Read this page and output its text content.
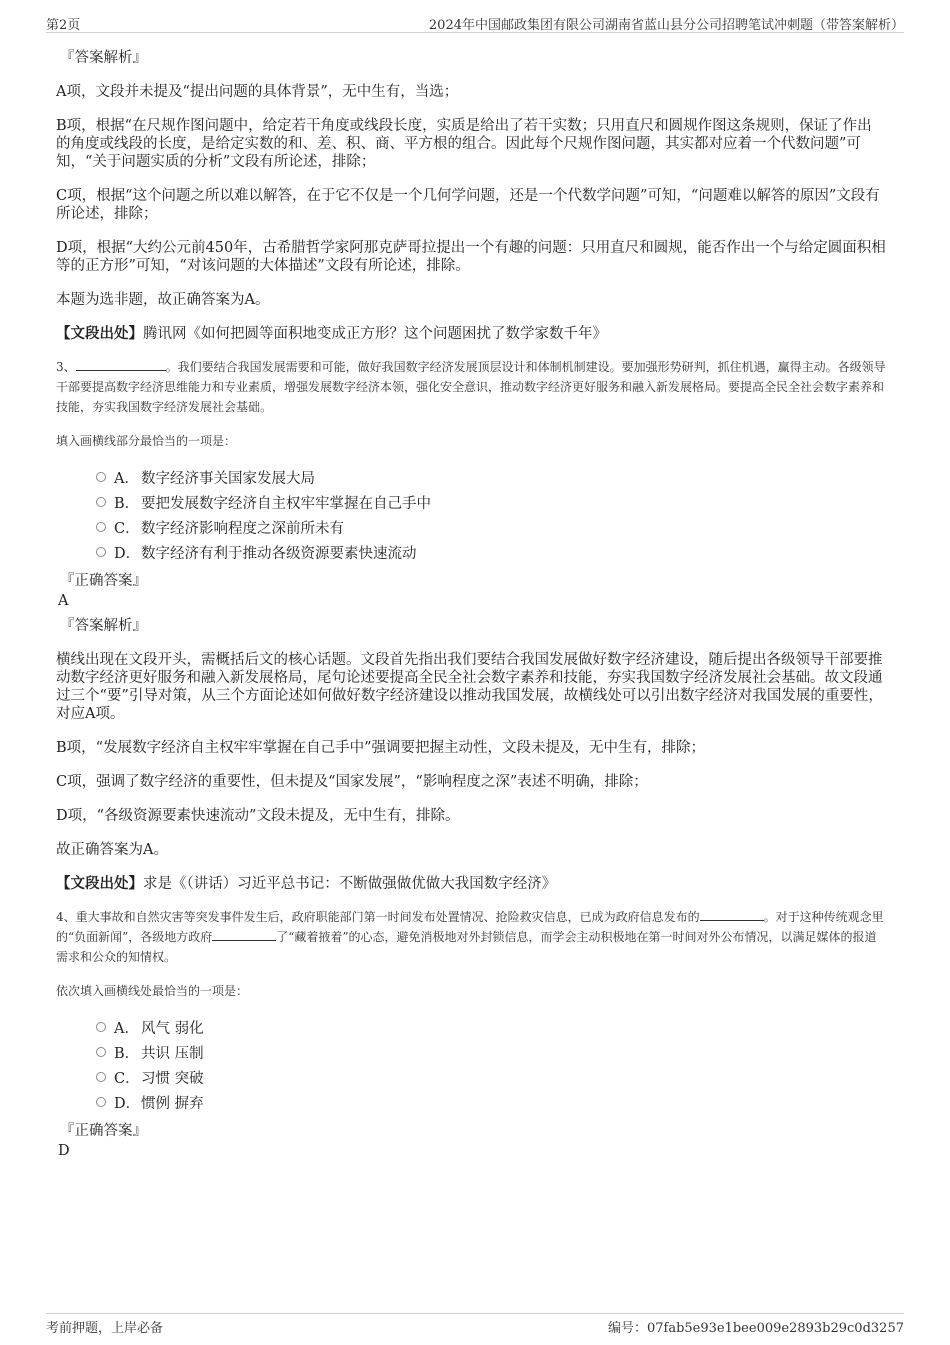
第2页	2024年中国邮政集团有限公司湖南省蓝山县分公司招聘笔试冲刺题（带答案解析）

『答案解析』

A项，文段并未提及“提出问题的具体背景”，无中生有，当选；

B项，根据“在尺规作图问题中，给定若干角度或线段长度，实质是给出了若干实数；只用直尺和圆规作图这条规则，保证了作出的角度或线段的长度，是给定实数的和、差、积、商、平方根的组合。因此每个尺规作图问题，其实都对应着一个代数问题”可知，“关于问题实质的分析”文段有所论述，排除；

C项，根据“这个问题之所以难以解答，在于它不仅是一个几何学问题，还是一个代数学问题”可知，“问题难以解答的原因”文段有所论述，排除；

D项，根据“大约公元前450年，古希腊哲学家阿那克萨哥拉提出一个有趣的问题：只用直尺和圆规，能否作出一个与给定圆面积相等的正方形”可知，“对该问题的大体描述”文段有所论述，排除。

本题为选非题，故正确答案为A。

【文段出处】腾讯网《如何把圆等面积地变成正方形？这个问题困扰了数学家数千年》

3、	。我们要结合我国发展需要和可能，做好我国数字经济发展顶层设计和体制机制建设。要加强形势研判，抓住机遇，赢得主动。各级领导干部要提高数字经济思维能力和专业素质，增强发展数字经济本领，强化安全意识，推动数字经济更好服务和融入新发展格局。要提高全民全社会数字素养和技能，夯实我国数字经济发展社会基础。

填入画横线部分最恰当的一项是：

A． 数字经济事关国家发展大局
B． 要把发展数字经济自主权牢牢掌握在自己手中
C． 数字经济影响程度之深前所未有
D． 数字经济有利于推动各级资源要素快速流动

『正确答案』

A

『答案解析』

横线出现在文段开头，需概括后文的核心话题。文段首先指出我们要结合我国发展做好数字经济建设，随后提出各级领导干部要推动数字经济更好服务和融入新发展格局，尾句论述要提高全民全社会数字素养和技能，夯实我国数字经济发展社会基础。故文段通过三个“要”引导对策，从三个方面论述如何做好数字经济建设以推动我国发展，故横线处可以引出数字经济对我国发展的重要性，对应A项。

B项，“发展数字经济自主权牢牢掌握在自己手中”强调要把握主动性，文段未提及，无中生有，排除；

C项，强调了数字经济的重要性，但未提及“国家发展”，“影响程度之深”表述不明确，排除；

D项，“各级资源要素快速流动”文段未提及，无中生有，排除。

故正确答案为A。

【文段出处】求是《（讲话）习近平总书记：不断做强做优做大我国数字经济》

4、重大事故和自然灾害等突发事件发生后，政府职能部门第一时间发布处置情况、抢险救灾信息，已成为政府信息发布的	。对于这种传统观念里的“负面新闻”，各级地方政府	了“藏着掖着”的心态，避免消极地对外封锁信息，而学会主动积极地在第一时间对外公布情况，以满足媒体的报道需求和公众的知情权。

依次填入画横线处最恰当的一项是：

A． 风气 弱化
B． 共识 压制
C． 习惯 突破
D． 惯例 摒弃

『正确答案』

D

考前押题，上岸必备	编号：07fab5e93e1bee009e2893b29c0d3257
